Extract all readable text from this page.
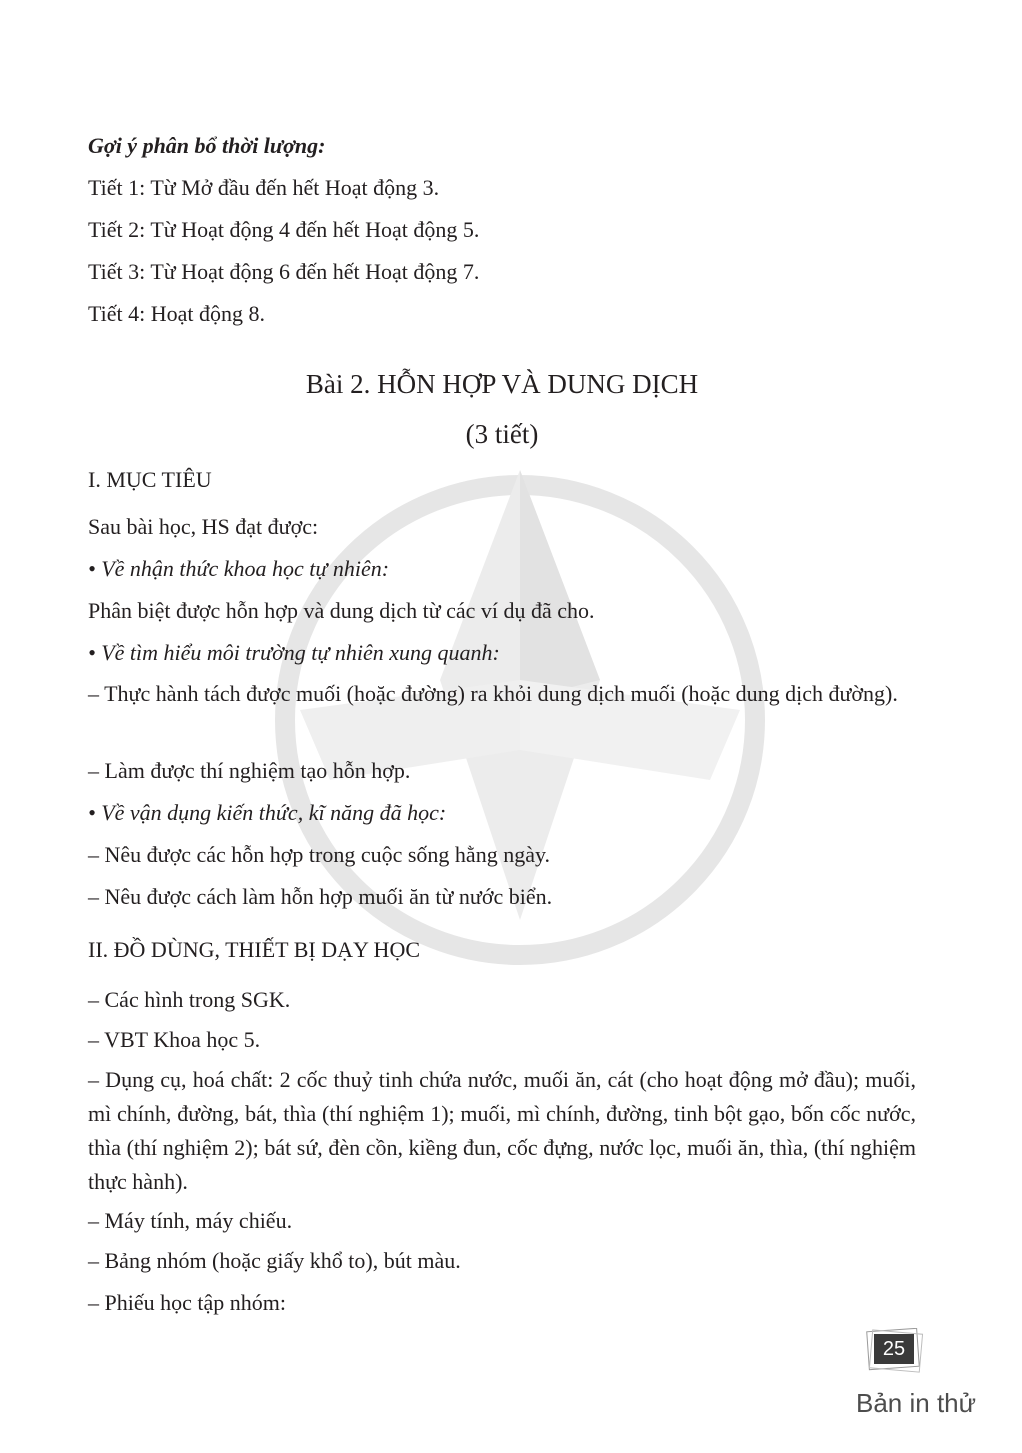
Gợi ý phân bổ thời lượng:
Tiết 1: Từ Mở đầu đến hết Hoạt động 3.
Tiết 2: Từ Hoạt động 4 đến hết Hoạt động 5.
Tiết 3: Từ Hoạt động 6 đến hết Hoạt động 7.
Tiết 4: Hoạt động 8.
Bài 2. HỖN HỢP VÀ DUNG DỊCH
(3 tiết)
I. MỤC TIÊU
Sau bài học, HS đạt được:
• Về nhận thức khoa học tự nhiên:
Phân biệt được hỗn hợp và dung dịch từ các ví dụ đã cho.
• Về tìm hiểu môi trường tự nhiên xung quanh:
– Thực hành tách được muối (hoặc đường) ra khỏi dung dịch muối (hoặc dung dịch đường).
– Làm được thí nghiệm tạo hỗn hợp.
• Về vận dụng kiến thức, kĩ năng đã học:
– Nêu được các hỗn hợp trong cuộc sống hằng ngày.
– Nêu được cách làm hỗn hợp muối ăn từ nước biển.
II. ĐỒ DÙNG, THIẾT BỊ DẠY HỌC
– Các hình trong SGK.
– VBT Khoa học 5.
– Dụng cụ, hoá chất: 2 cốc thuỷ tinh chứa nước, muối ăn, cát (cho hoạt động mở đầu); muối, mì chính, đường, bát, thìa (thí nghiệm 1); muối, mì chính, đường, tinh bột gạo, bốn cốc nước, thìa (thí nghiệm 2); bát sứ, đèn cồn, kiềng đun, cốc đựng, nước lọc, muối ăn, thìa, (thí nghiệm thực hành).
– Máy tính, máy chiếu.
– Bảng nhóm (hoặc giấy khổ to), bút màu.
– Phiếu học tập nhóm:
25
Bản in thử
